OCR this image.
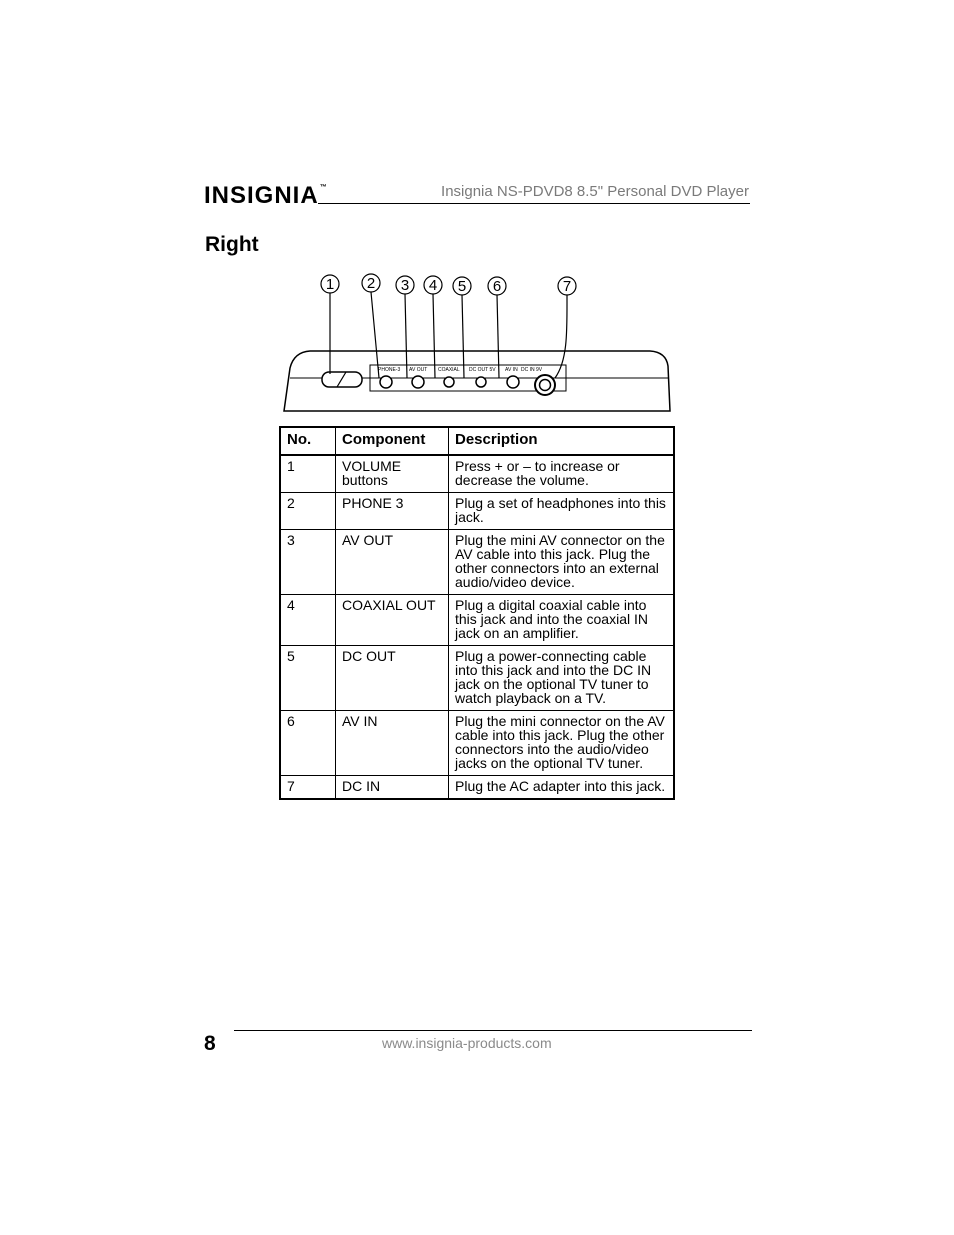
INSIGNIA™	Insignia NS-PDVD8 8.5" Personal DVD Player
Right
PHONE-3 AV OUT COAXIAL DC OUT 5V AV IN DC IN 9V
1 2 3 4 5 6	7
No.	Component	Description
1	VOLUME buttons	Press + or – to increase or decrease the volume.
2	PHONE 3	Plug a set of headphones into this jack.
3	AV OUT	Plug the mini AV connector on the AV cable into this jack. Plug the other connectors into an external audio/video device.
4	COAXIAL OUT	Plug a digital coaxial cable into this jack and into the coaxial IN jack on an amplifier.
5	DC OUT	Plug a power-connecting cable into this jack and into the DC IN jack on the optional TV tuner to watch playback on a TV.
6	AV IN	Plug the mini connector on the AV cable into this jack. Plug the other connectors into the audio/video jacks on the optional TV tuner.
7	DC IN	Plug the AC adapter into this jack.
8	www.insignia-products.com
